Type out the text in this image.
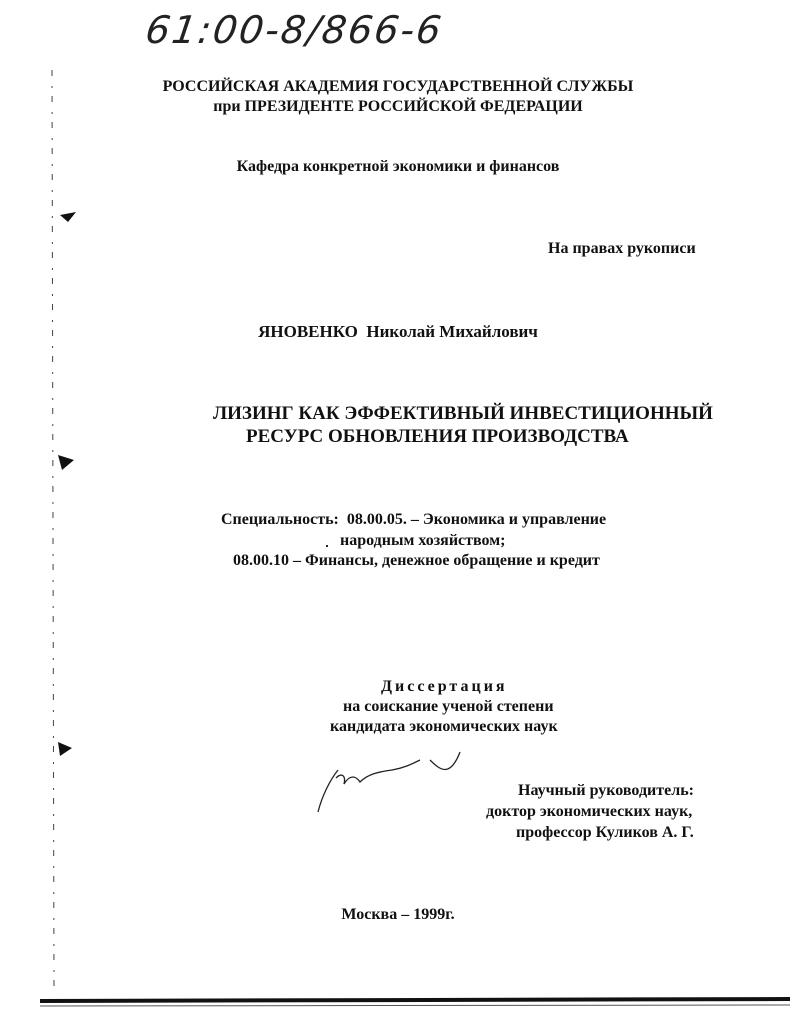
61:00-8/866-6
РОССИЙСКАЯ АКАДЕМИЯ ГОСУДАРСТВЕННОЙ СЛУЖБЫ
при ПРЕЗИДЕНТЕ РОССИЙСКОЙ ФЕДЕРАЦИИ
Кафедра конкретной экономики и финансов
На правах рукописи
ЯНОВЕНКО Николай Михайлович
ЛИЗИНГ КАК ЭФФЕКТИВНЫЙ ИНВЕСТИЦИОННЫЙ
РЕСУРС ОБНОВЛЕНИЯ ПРОИЗВОДСТВА
Специальность: 08.00.05. – Экономика и управление
народным хозяйством;
08.00.10 – Финансы, денежное обращение и кредит
Диссертация
на соискание ученой степени
кандидата экономических наук
Научный руководитель:
доктор экономических наук,
профессор Куликов А. Г.
Москва – 1999г.
